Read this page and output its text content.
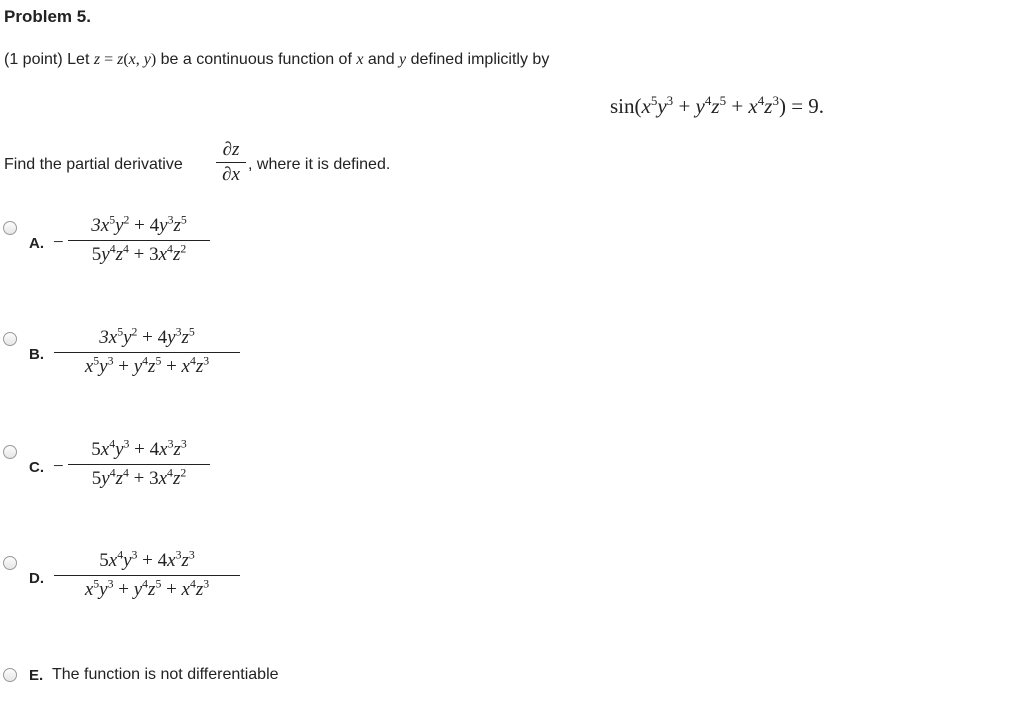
Problem 5.
(1 point) Let z = z(x, y) be a continuous function of x and y defined implicitly by
$\sin(x^5y^3 + y^4z^5 + x^4z^3) = 9$.
Find the partial derivative
∂z
∂x , where it is defined.
A. −
$3x^5y^2 + 4y^3z^5$
$5y^4z^4 + 3x^4z^2$
B.
$3x^5y^2 + 4y^3z^5$
$x^5y^3 + y^4z^5 + x^4z^3$
C. −
$5x^4y^3 + 4x^3z^3$
$5y^4z^4 + 3x^4z^2$
D.
$5x^4y^3 + 4x^3z^3$
$x^5y^3 + y^4z^5 + x^4z^3$
E. The function is not differentiable
